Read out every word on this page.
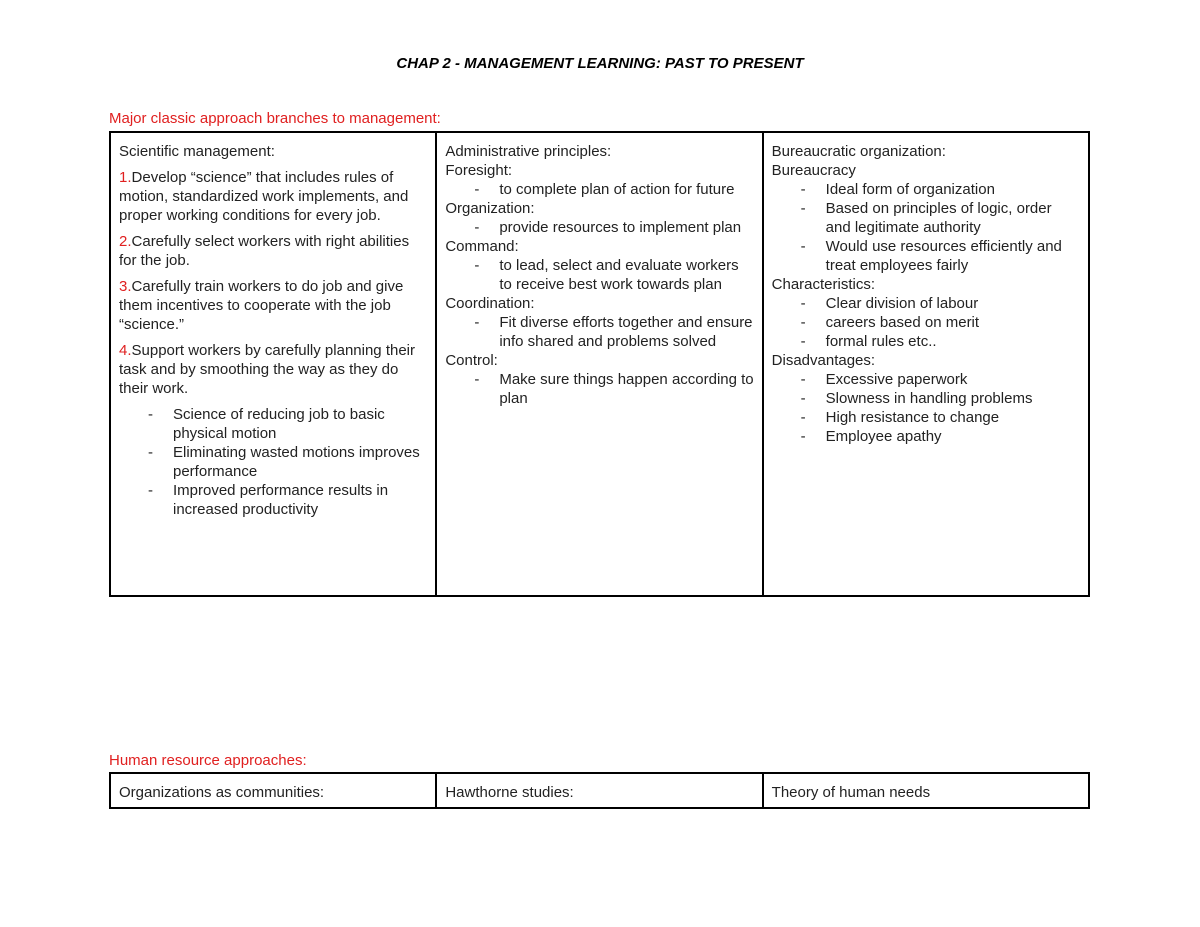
CHAP 2 - MANAGEMENT LEARNING: PAST TO PRESENT
Major classic approach branches to management:
Scientific management:
1.Develop “science” that includes rules of motion, standardized work implements, and proper working conditions for every job.
2.Carefully select workers with right abilities for the job.
3.Carefully train workers to do job and give them incentives to cooperate with the job “science.”
4.Support workers by carefully planning their task and by smoothing the way as they do their work.
- Science of reducing job to basic physical motion
- Eliminating wasted motions improves performance
- Improved performance results in increased productivity
Administrative principles:
Foresight:
- to complete plan of action for future
Organization:
- provide resources to implement plan
Command:
- to lead, select and evaluate workers to receive best work towards plan
Coordination:
- Fit diverse efforts together and ensure info shared and problems solved
Control:
- Make sure things happen according to plan
Bureaucratic organization:
Bureaucracy
- Ideal form of organization
- Based on principles of logic, order and legitimate authority
- Would use resources efficiently and treat employees fairly
Characteristics:
- Clear division of labour
- careers based on merit
- formal rules etc..
Disadvantages:
- Excessive paperwork
- Slowness in handling problems
- High resistance to change
- Employee apathy
Human resource approaches:
Organizations as communities:	Hawthorne studies:	Theory of human needs
